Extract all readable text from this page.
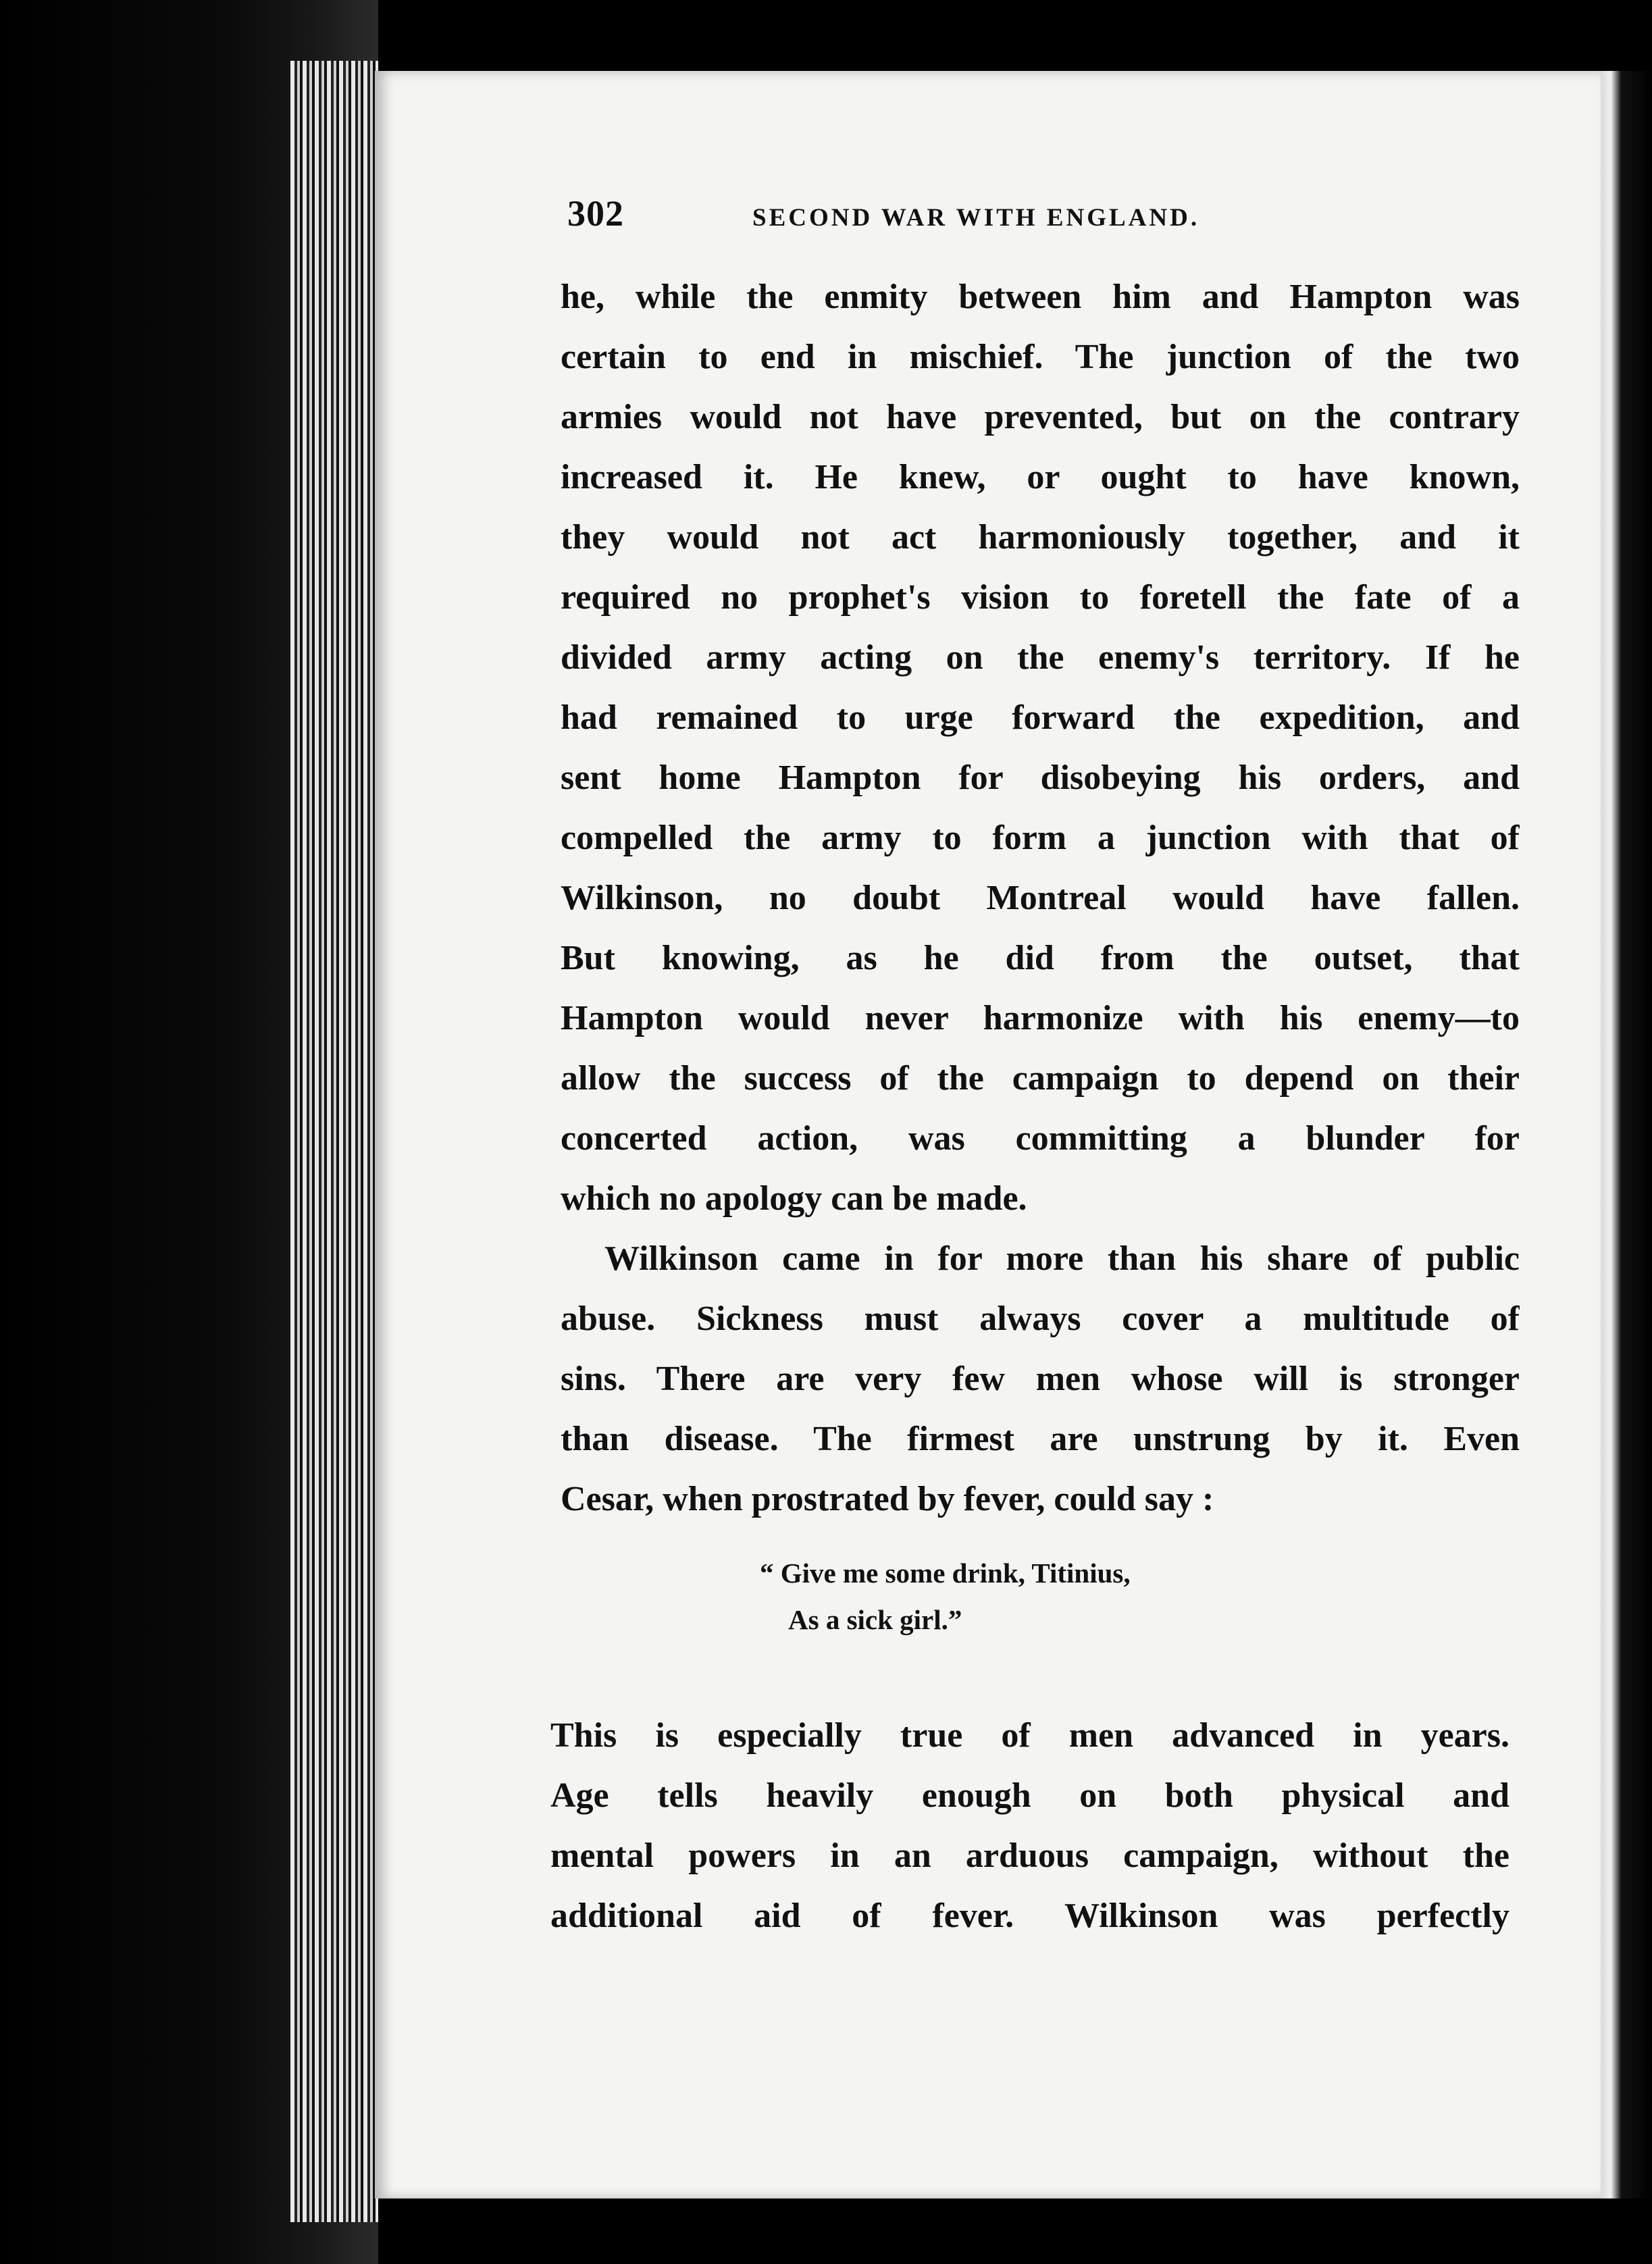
302	SECOND WAR WITH ENGLAND.
he, while the enmity between him and Hampton was
certain to end in mischief. The junction of the two
armies would not have prevented, but on the contrary
increased it. He knew, or ought to have known,
they would not act harmoniously together, and it
required no prophet's vision to foretell the fate of a
divided army acting on the enemy's territory. If he
had remained to urge forward the expedition, and
sent home Hampton for disobeying his orders, and
compelled the army to form a junction with that of
Wilkinson, no doubt Montreal would have fallen.
But knowing, as he did from the outset, that
Hampton would never harmonize with his enemy—to
allow the success of the campaign to depend on their
concerted action, was committing a blunder for
which no apology can be made.
Wilkinson came in for more than his share of public
abuse. Sickness must always cover a multitude of
sins. There are very few men whose will is stronger
than disease. The firmest are unstrung by it. Even
Cesar, when prostrated by fever, could say :
“ Give me some drink, Titinius,
As a sick girl.”
This is especially true of men advanced in years.
Age tells heavily enough on both physical and
mental powers in an arduous campaign, without the
additional aid of fever. Wilkinson was perfectly
